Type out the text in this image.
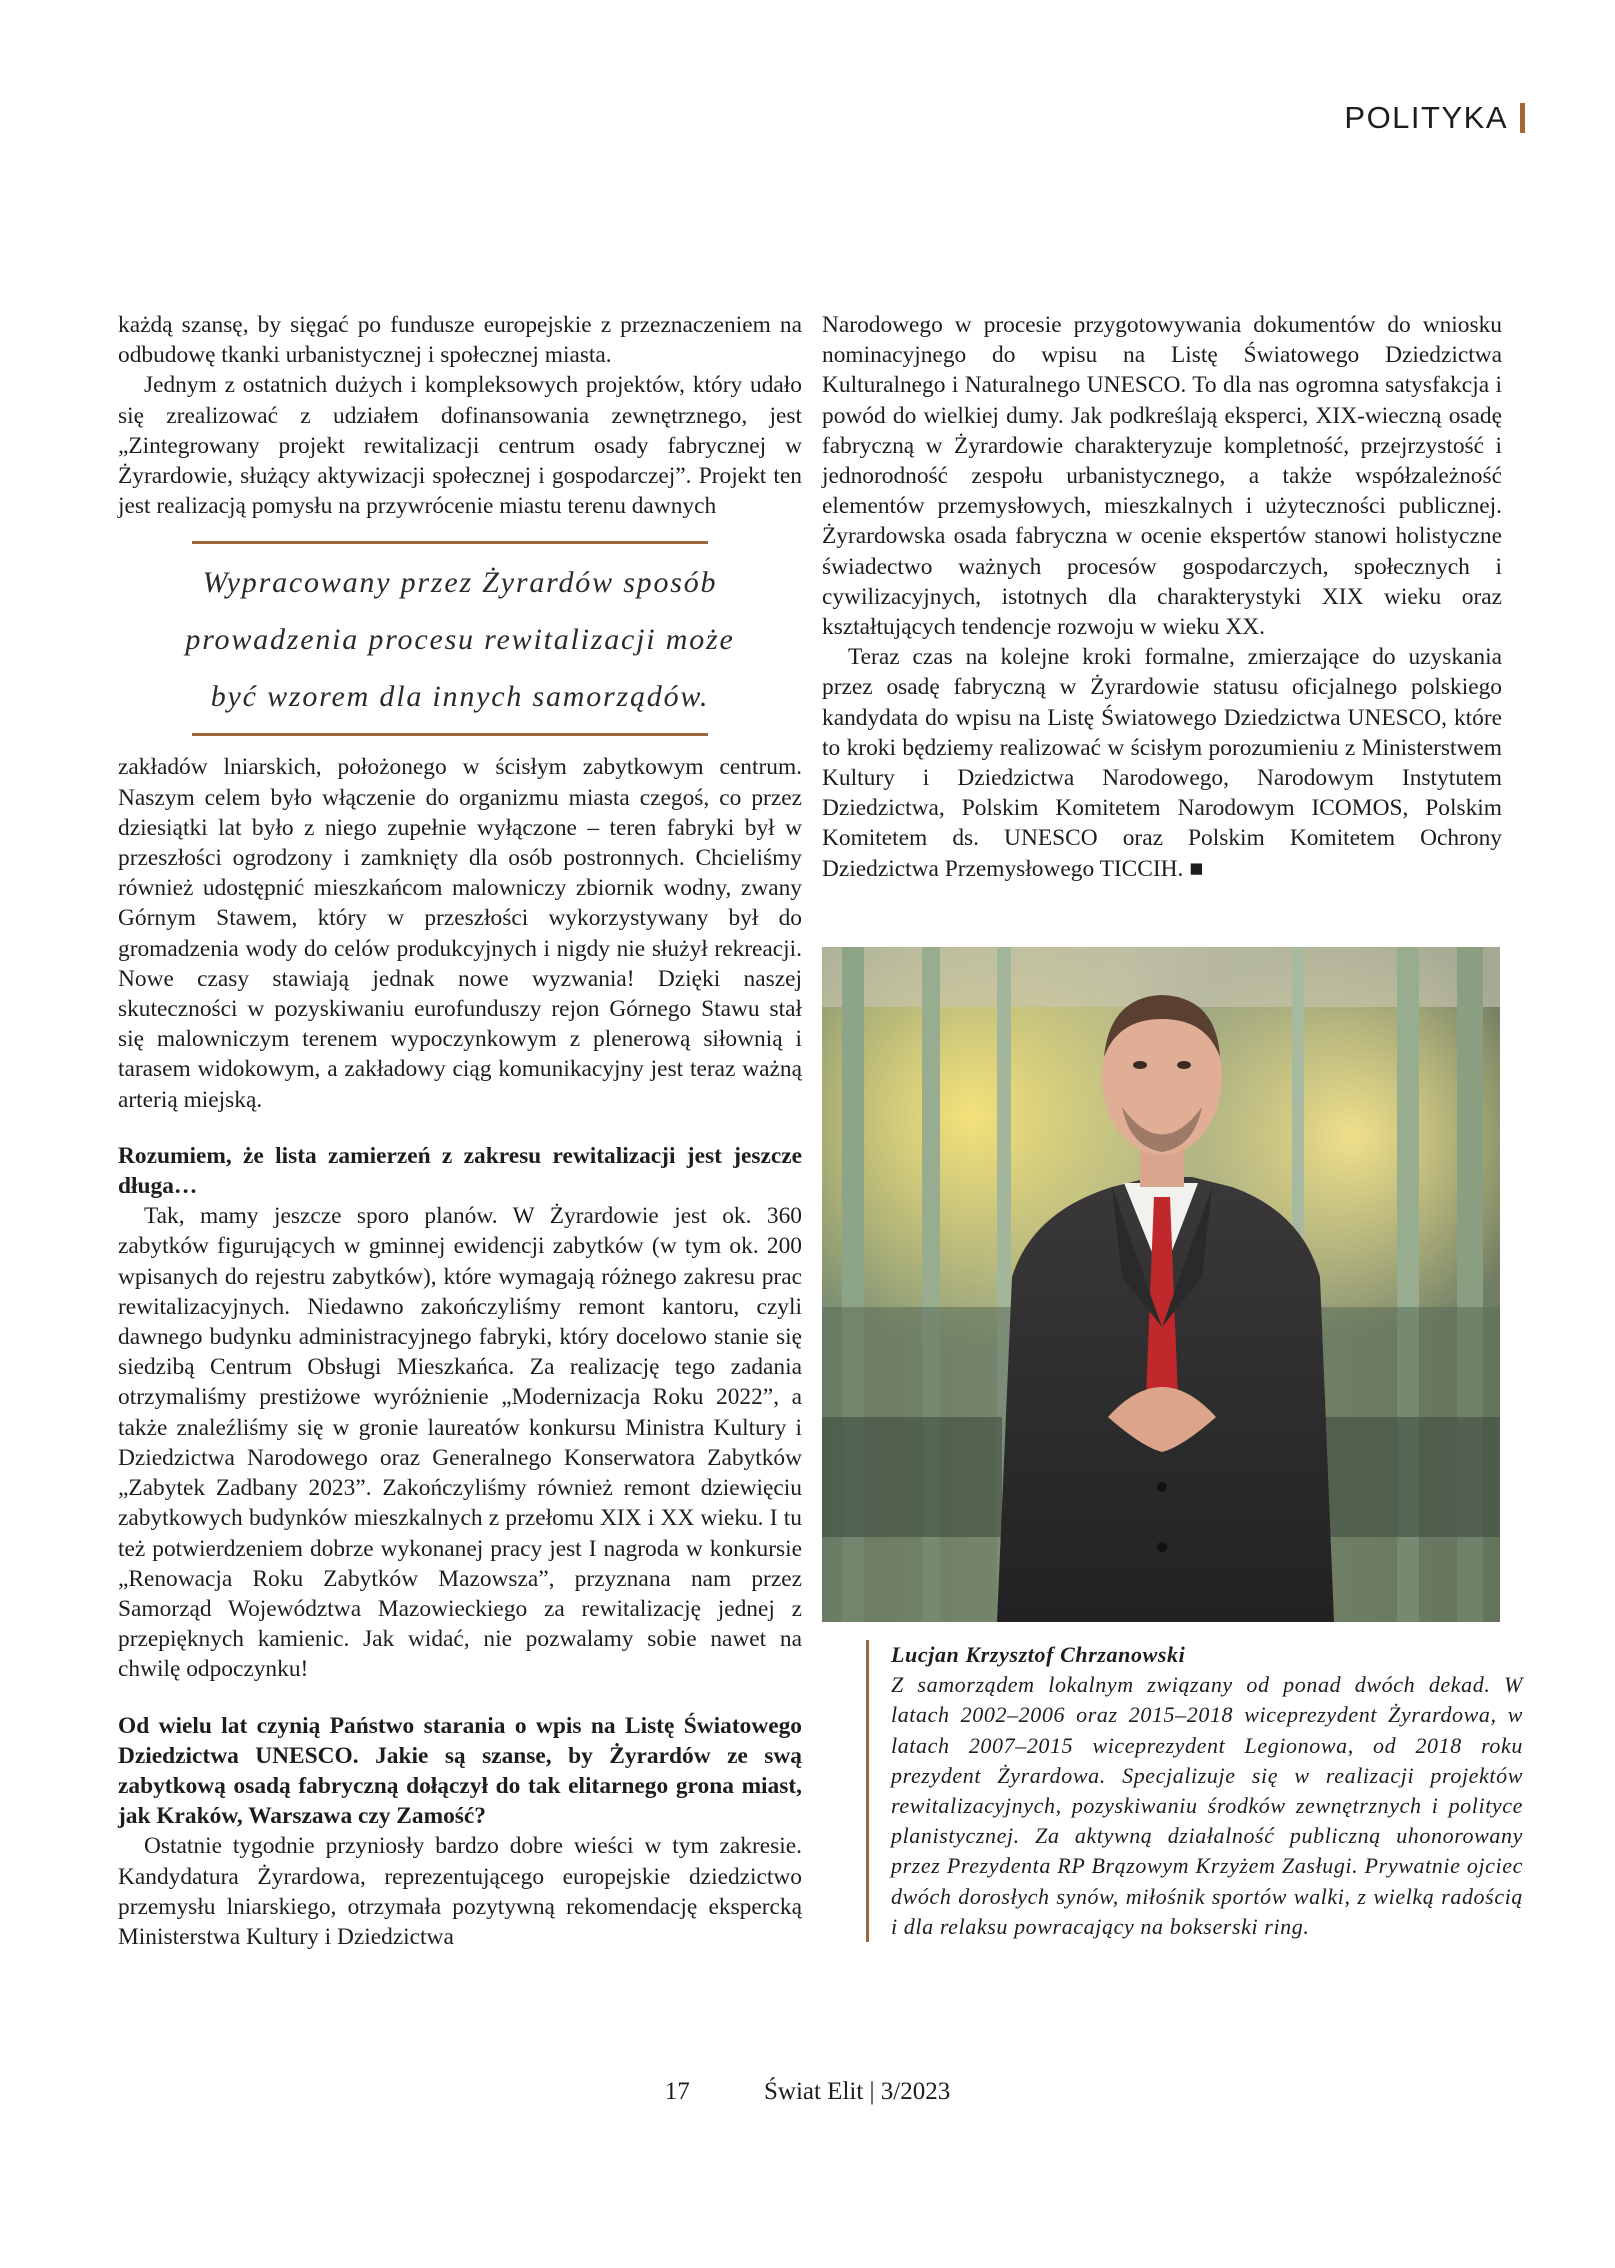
POLITYKA

każdą szansę, by sięgać po fundusze europejskie z przeznaczeniem na odbudowę tkanki urbanistycznej i społecznej miasta.

Jednym z ostatnich dużych i kompleksowych projektów, który udało się zrealizować z udziałem dofinansowania zewnętrznego, jest „Zintegrowany projekt rewitalizacji centrum osady fabrycznej w Żyrardowie, służący aktywizacji społecznej i gospodarczej”. Projekt ten jest realizacją pomysłu na przywrócenie miastu terenu dawnych

Wypracowany przez Żyrardów sposób prowadzenia procesu rewitalizacji może być wzorem dla innych samorządów.

zakładów lniarskich, położonego w ścisłym zabytkowym centrum. Naszym celem było włączenie do organizmu miasta czegoś, co przez dziesiątki lat było z niego zupełnie wyłączone – teren fabryki był w przeszłości ogrodzony i zamknięty dla osób postronnych. Chcieliśmy również udostępnić mieszkańcom malowniczy zbiornik wodny, zwany Górnym Stawem, który w przeszłości wykorzystywany był do gromadzenia wody do celów produkcyjnych i nigdy nie służył rekreacji. Nowe czasy stawiają jednak nowe wyzwania! Dzięki naszej skuteczności w pozyskiwaniu eurofunduszy rejon Górnego Stawu stał się malowniczym terenem wypoczynkowym z plenerową siłownią i tarasem widokowym, a zakładowy ciąg komunikacyjny jest teraz ważną arterią miejską.

Rozumiem, że lista zamierzeń z zakresu rewitalizacji jest jeszcze długa…

Tak, mamy jeszcze sporo planów. W Żyrardowie jest ok. 360 zabytków figurujących w gminnej ewidencji zabytków (w tym ok. 200 wpisanych do rejestru zabytków), które wymagają różnego zakresu prac rewitalizacyjnych. Niedawno zakończyliśmy remont kantoru, czyli dawnego budynku administracyjnego fabryki, który docelowo stanie się siedzibą Centrum Obsługi Mieszkańca. Za realizację tego zadania otrzymaliśmy prestiżowe wyróżnienie „Modernizacja Roku 2022”, a także znaleźliśmy się w gronie laureatów konkursu Ministra Kultury i Dziedzictwa Narodowego oraz Generalnego Konserwatora Zabytków „Zabytek Zadbany 2023”. Zakończyliśmy również remont dziewięciu zabytkowych budynków mieszkalnych z przełomu XIX i XX wieku. I tu też potwierdzeniem dobrze wykonanej pracy jest I nagroda w konkursie „Renowacja Roku Zabytków Mazowsza”, przyznana nam przez Samorząd Województwa Mazowieckiego za rewitalizację jednej z przepięknych kamienic. Jak widać, nie pozwalamy sobie nawet na chwilę odpoczynku!

Od wielu lat czynią Państwo starania o wpis na Listę Światowego Dziedzictwa UNESCO. Jakie są szanse, by Żyrardów ze swą zabytkową osadą fabryczną dołączył do tak elitarnego grona miast, jak Kraków, Warszawa czy Zamość?

Ostatnie tygodnie przyniosły bardzo dobre wieści w tym zakresie. Kandydatura Żyrardowa, reprezentującego europejskie dziedzictwo przemysłu lniarskiego, otrzymała pozytywną rekomendację ekspercką Ministerstwa Kultury i Dziedzictwa

Narodowego w procesie przygotowywania dokumentów do wniosku nominacyjnego do wpisu na Listę Światowego Dziedzictwa Kulturalnego i Naturalnego UNESCO. To dla nas ogromna satysfakcja i powód do wielkiej dumy. Jak podkreślają eksperci, XIX-wieczną osadę fabryczną w Żyrardowie charakteryzuje kompletność, przejrzystość i jednorodność zespołu urbanistycznego, a także współzależność elementów przemysłowych, mieszkalnych i użyteczności publicznej. Żyrardowska osada fabryczna w ocenie ekspertów stanowi holistyczne świadectwo ważnych procesów gospodarczych, społecznych i cywilizacyjnych, istotnych dla charakterystyki XIX wieku oraz kształtujących tendencje rozwoju w wieku XX.

Teraz czas na kolejne kroki formalne, zmierzające do uzyskania przez osadę fabryczną w Żyrardowie statusu oficjalnego polskiego kandydata do wpisu na Listę Światowego Dziedzictwa UNESCO, które to kroki będziemy realizować w ścisłym porozumieniu z Ministerstwem Kultury i Dziedzictwa Narodowego, Narodowym Instytutem Dziedzictwa, Polskim Komitetem Narodowym ICOMOS, Polskim Komitetem ds. UNESCO oraz Polskim Komitetem Ochrony Dziedzictwa Przemysłowego TICCIH. ■

Lucjan Krzysztof Chrzanowski
Z samorządem lokalnym związany od ponad dwóch dekad. W latach 2002–2006 oraz 2015–2018 wiceprezydent Żyrardowa, w latach 2007–2015 wiceprezydent Legionowa, od 2018 roku prezydent Żyrardowa. Specjalizuje się w realizacji projektów rewitalizacyjnych, pozyskiwaniu środków zewnętrznych i polityce planistycznej. Za aktywną działalność publiczną uhonorowany przez Prezydenta RP Brązowym Krzyżem Zasługi. Prywatnie ojciec dwóch dorosłych synów, miłośnik sportów walki, z wielką radością i dla relaksu powracający na bokserski ring.
17	Świat Elit | 3/2023
